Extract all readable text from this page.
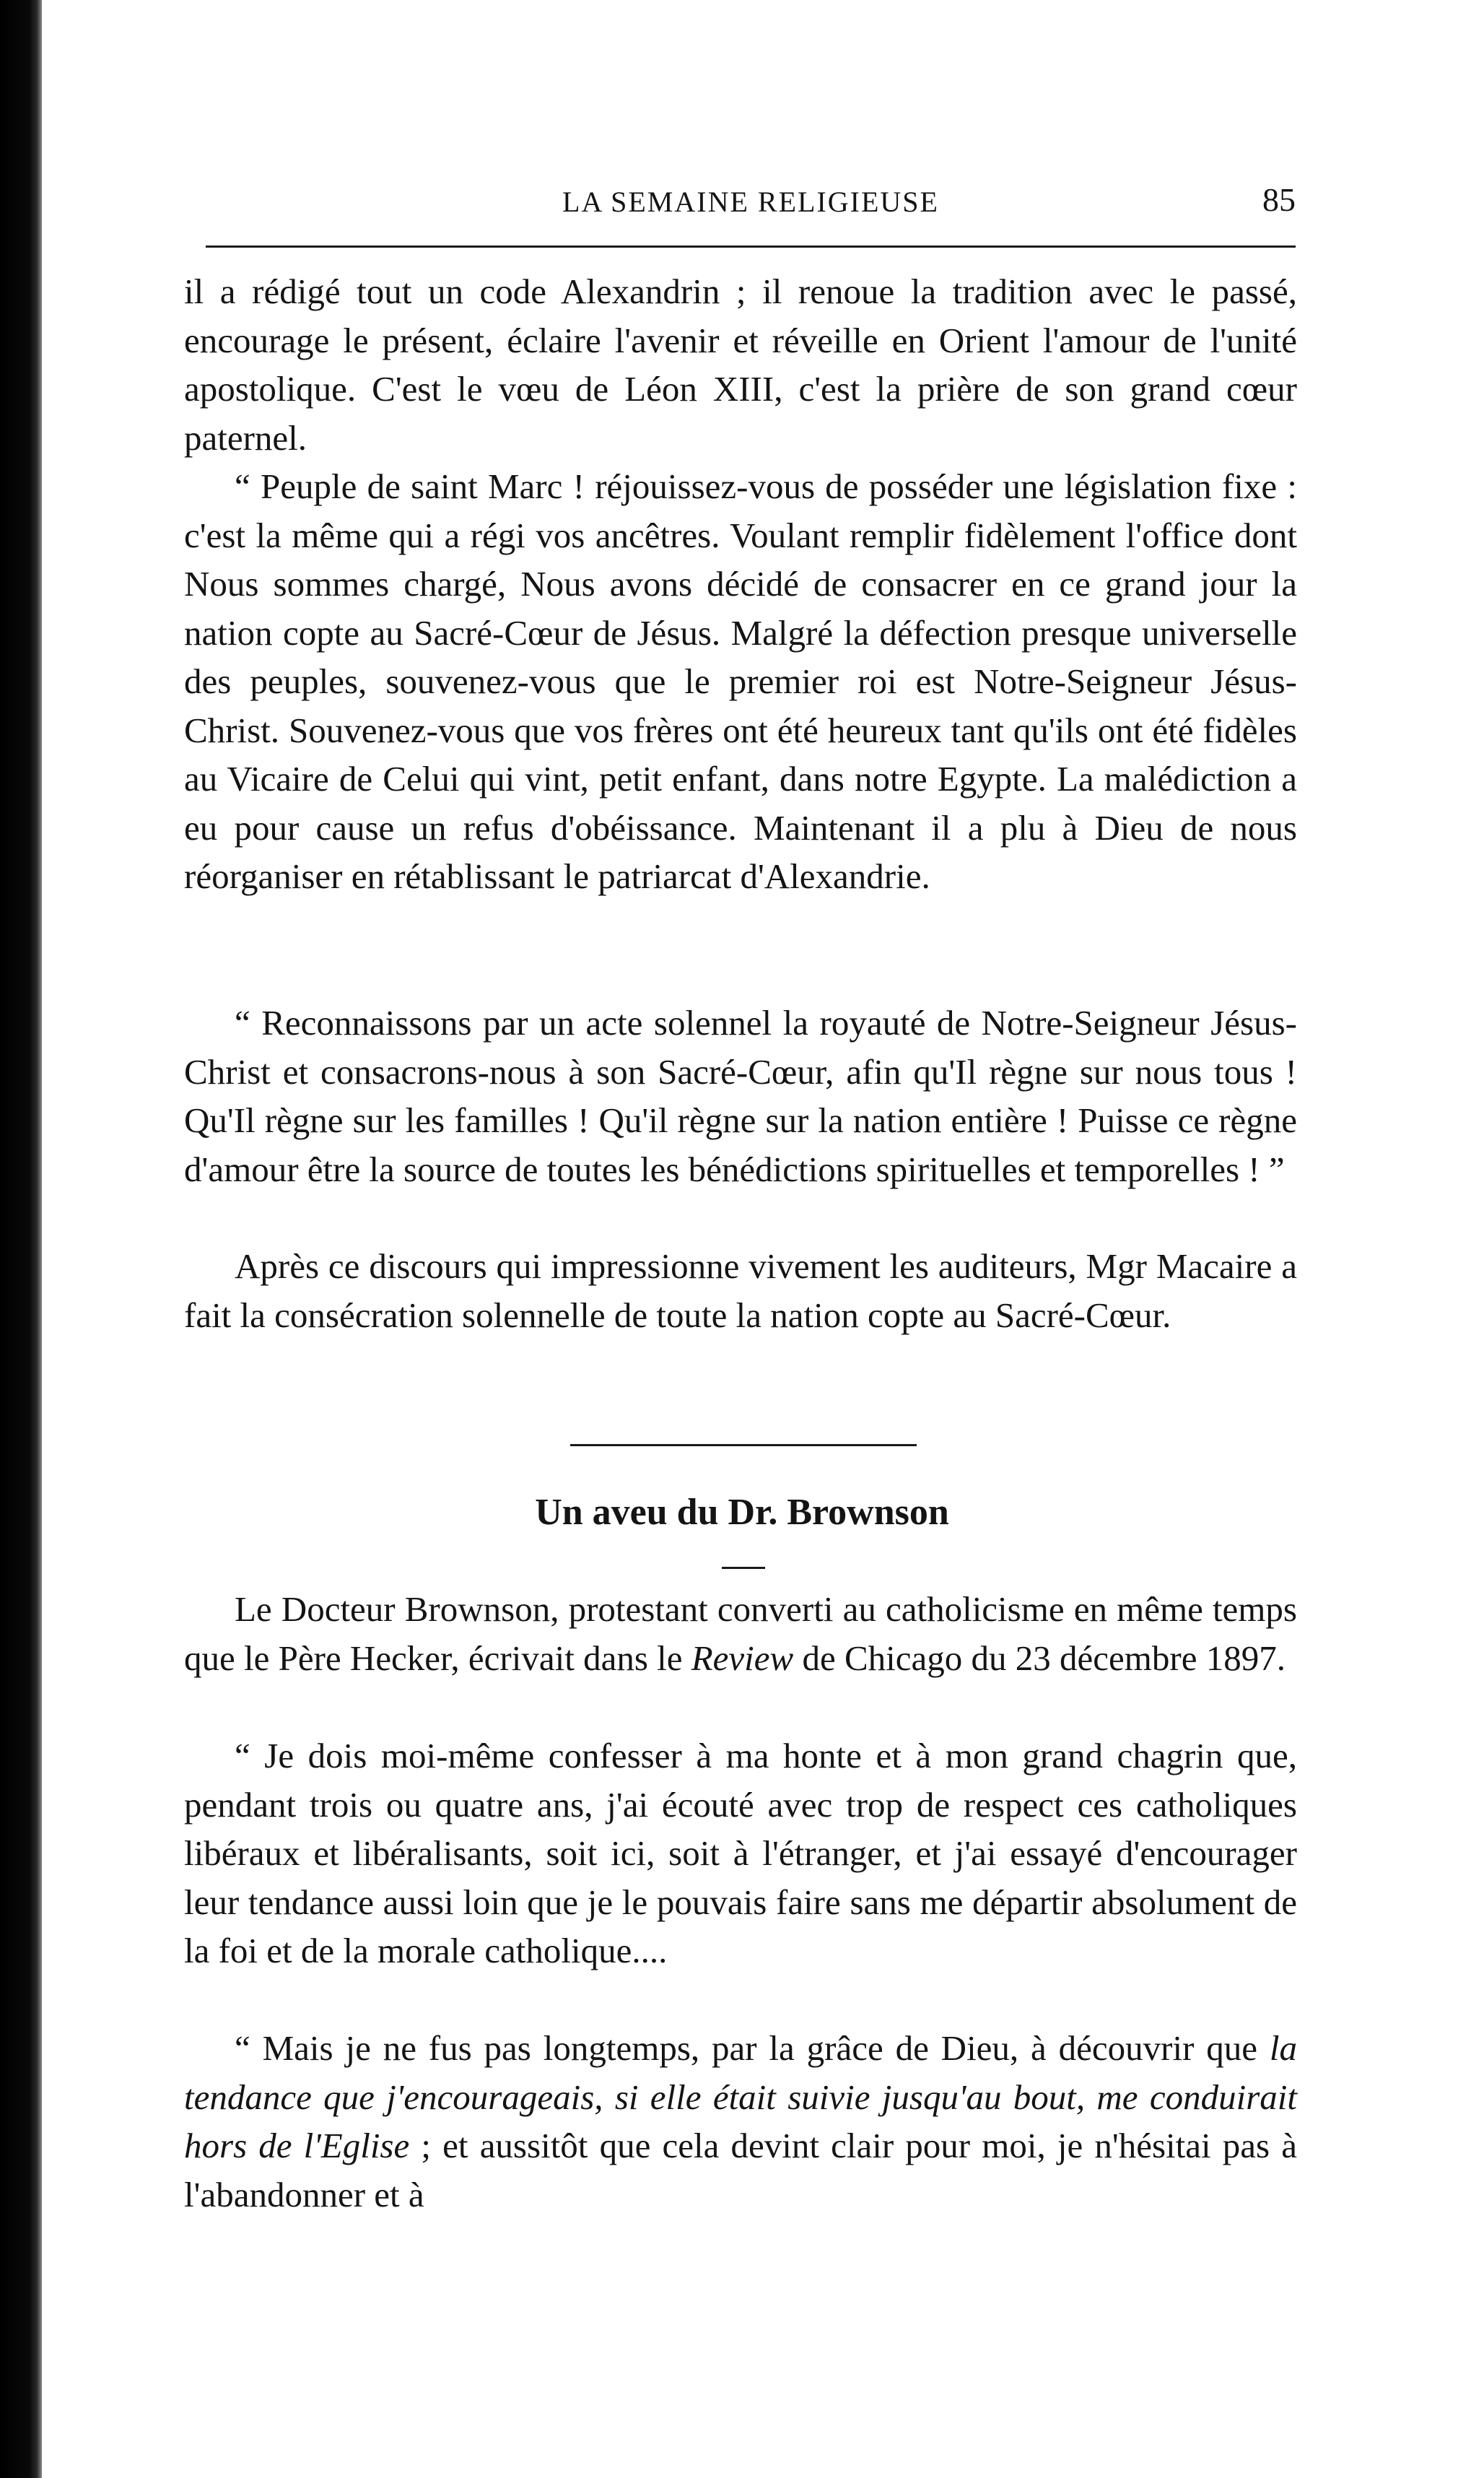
LA SEMAINE RELIGIEUSE	85

il a rédigé tout un code Alexandrin ; il renoue la tradition avec le passé, encourage le présent, éclaire l'avenir et réveille en Orient l'amour de l'unité apostolique. C'est le vœu de Léon XIII, c'est la prière de son grand cœur paternel.

“ Peuple de saint Marc ! réjouissez-vous de posséder une législation fixe : c'est la même qui a régi vos ancêtres. Voulant remplir fidèlement l'office dont Nous sommes chargé, Nous avons décidé de consacrer en ce grand jour la nation copte au Sacré-Cœur de Jésus. Malgré la défection presque universelle des peuples, souvenez-vous que le premier roi est Notre-Seigneur Jésus-Christ. Souvenez-vous que vos frères ont été heureux tant qu'ils ont été fidèles au Vicaire de Celui qui vint, petit enfant, dans notre Egypte. La malédiction a eu pour cause un refus d'obéissance. Maintenant il a plu à Dieu de nous réorganiser en rétablissant le patriarcat d'Alexandrie.

“ Reconnaissons par un acte solennel la royauté de Notre-Seigneur Jésus-Christ et consacrons-nous à son Sacré-Cœur, afin qu'Il règne sur nous tous ! Qu'Il règne sur les familles ! Qu'il règne sur la nation entière ! Puisse ce règne d'amour être la source de toutes les bénédictions spirituelles et temporelles ! ”

Après ce discours qui impressionne vivement les auditeurs, Mgr Macaire a fait la consécration solennelle de toute la nation copte au Sacré-Cœur.

Un aveu du Dr. Brownson

Le Docteur Brownson, protestant converti au catholicisme en même temps que le Père Hecker, écrivait dans le Review de Chicago du 23 décembre 1897.

“ Je dois moi-même confesser à ma honte et à mon grand chagrin que, pendant trois ou quatre ans, j'ai écouté avec trop de respect ces catholiques libéraux et libéralisants, soit ici, soit à l'étranger, et j'ai essayé d'encourager leur tendance aussi loin que je le pouvais faire sans me départir absolument de la foi et de la morale catholique....

“ Mais je ne fus pas longtemps, par la grâce de Dieu, à découvrir que la tendance que j'encourageais, si elle était suivie jusqu'au bout, me conduirait hors de l'Eglise ; et aussitôt que cela devint clair pour moi, je n'hésitai pas à l'abandonner et à
